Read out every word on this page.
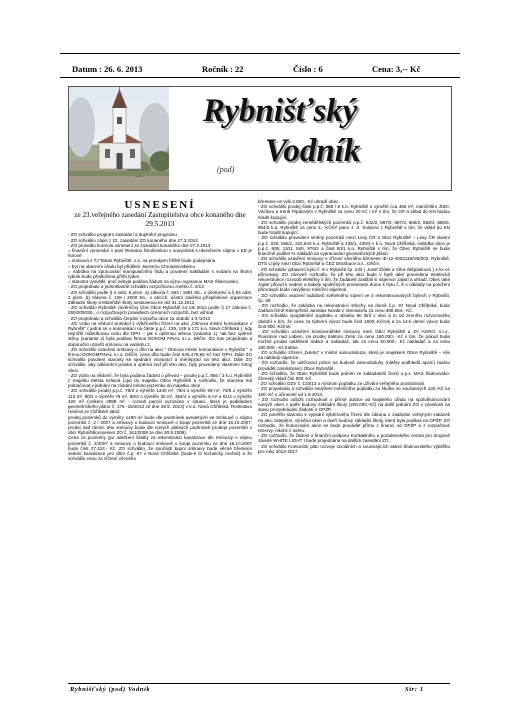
Datum : 26. 6. 2013	Ročník : 22	Číslo : 6	Cena: 3,-- Kč
Rybnišťský
Vodník
(pod)
USNESENÍ
ze 23.veřejného zasedání Zastupitelstva obce konaného dne 29.5.2013

- ZO schválilo program zasedání a doplnění programu

- ZO schválilo zápis z 22. zasedání ZO konaného dne 27.3.2013

- ZO provedlo kontrolu usnesení ze zasedání konaného dne 27.3.2013

= finanční vyrovnání s paní Renatou Štrubinskou v souvislosti s ukončením nájmu v KD je hotové

= smlouva s TJ Tatran Rybniště, o.s. na pronájem hřiště bude podepsána

= byt na obecním úřadu byl přidělen Jaromíru Chroustovskému

= nabídka na zpracování manipulačního řádu a povolení nakládání s vodami na školní rybník bude předložena příští týden

= starosta vysvětlil, proč nebyla podána žádost na výzvu vypsanou MAS Šluknovsko

- ZO projednalo a jednohlasně schválilo rozpočtovou změnu č. 2/13

- ZO schválilo podle § 4 odst. 8 písm. a) zákona č. 563 / 1991 Sb., o účetnictví a § 84 odst. 2 písm. b) zákona č. 128 / 2000 Sb., o obcích, účetní závěrku příspěvkové organizace Základní školy a Mateřské školy sestavenou ke dni 31.12.2012

- ZO schválilo Rybniště závěrečný účet Obce Rybniště za rok 2012 podle § 17 zákona č. 250/2000Sb., o rozpočtových pravidlech územních rozpočtů, bez výhrad

- ZO projednalo a schválilo čerpání rozpočtu obce za období 1-3 /2013

- ZO vzalo na vědomí protokol z výběrového řízení na akci „Obnova místní komunikace v Rybništi" ( jedná se o komunikaci na částe p.p.č. 139, 149 a 171 k.ú. Nová Chřibská ), kdy nejnižší nabídkovou cenu dle DPH – jak s opěrnou stěnou (varianta 1), tak bez opěrné stěny (varianta 2) byla podána firmou DOKOM FINAL s.r.o. Děčín. ZO tuto projednalo a doporučilo uzavřít smlouvu na variantu 2.

- ZO schválilo uzavření smlouvy o dílo na akci " Obnova místní komunikace v Rybništi " s firmou DOKOMFINAL s.r.o. Děčín, cena díla bude činit 625.478,60 Kč bez DPH. Dále ZO schválilo povolení starosty ke sjednání víceprací a méněprací na této akci. Dále ZO schválilo, aby odklonění potoka a opěrná zeď při této akci, byly provedeny vlastními zdroji obce.

- ZO vzalo na vědomí, že byla podána žádost o převod – prodej p.p.č. 856 / 3 k.ú. Rybniště z majetku Města Krásná Lípa do majetku Obce Rybniště a rozhodlo, že starosta má pokračovat v jednání na získání tohoto pozemku do majetku obce

- ZO schválilo prodej p.p.č. 79/3 o výměře 1340 m², 79/4 o výměře 99 m², 79/5 o výměře 113 m², 80/2 o výměře 78 m², 80/3 o výměře 30 m², 354/4 o výměře 8 m² a 81/3 o výměře 420 m² (celkem 2088 m² - rozsah parcel vyznačen v situaci, která je podkladem geometrického plánu č. 176 -16/2013 ze dne 28.5. 2013) v k.ú. Nová Chřibská, Rostislavu Havlovi ze Chřibské takto:

prodej pozemků do výměry 1480 m² bude dle podmínek uvedených ve Smlouvě o nájmu pozemků č. 2 / 2007 a smlouvy o budoucí smlouvě o koupi pozemků ze dne 16.10.2007, prodej nad rámec této smlouvy bude dle nových platných podmínek prodeje pozemků v obci Rybniště(usnesení ZO č. 161/2008 ze dne 30.9.2008).

Cena za pozemky (po odečtení částky za rekonstrukci kanalizace dle Smlouvy o nájmu pozemků č. 2/2007 a smlouvy o budoucí smlouvě o koupi pozemku ze dne 16.10.2007 bude činit 27.424,- Kč. ZO schválilo, že součástí kupní smlouvy bude věcné břemeno vedení kanalizace pro dům č.p. 97 v Nové Chřibské (bude-li to technicky možné) a že schválilo cenu za zřízení věcného

břemene ve výši 2.800,- Kč uhradí obec.

- ZO schválilo prodej části p.p.č. 359 / 6 k.ú. Rybniště o výměře cca 465 m², manželům JUDr. Václavu a Ireně Pipalovým z Rybniště za cenu 20 Kč / m² s tím, že GP a vklad do KN budou hradit kupující.

- ZO schválilo prodej zemědělských pozemků p.p.č. 842/2, 887/2, 887/3, 856/2, 856/4, 856/5, 854/2 k.ú. Rybniště za cenu 4,- Kč/m² panu J. S. Solarovi z Rybniště s tím, že vklad do KN bude hradit kupující.

- ZO schválilo provedení směny pozemků mezi Lesy ČR a Obcí Rybniště – Lesy ČR vlastní p.p.č. 226, 656/1, 222,943 k.ú. Rybniště a 436/1, 435/3 v k.ú. Nová Chřibská, nabídka obce je p.p.č. 939, 1101, 840, 976/2 a část 50/1 k.ú. Rybniště s tím, že Obec Rybniště se bude finančně podílet % nákladů na vypracování geometrických plánů.

- ZO schválilo uzavření smlouvy o zřízení věcného břemene IE-12-4003118/VB/002, Rybniště, DTS U pily mezi Obcí Rybniště a ČEZ Distribuce a.s., Děčín.

- ZO schválilo vybavení bytu č. 8 v Rybništi čp. 233 ( Josef Žídek a Věra Štěpánková ) 4 ks el. přímotopy. ZO zároveň rozhodlo, že při této akci bude v bytě také provedena elektrická rekonstrukce rozvodů elektřiny s tím, že žadatelé zaslíbili si nájemce zajistí a uhradí. Obec také zajistí přívod k vedení a kabely společných prostorami domu k bytu č. 8 s náklady na položení přímotopů bude navýšeno měsíční nájemné.

- ZO schválilo osazení radiátorů světelného topení ve 2 rekonstruovaných bytech v Rybništi, čp. 59

- ZO rozhodlo, že zakázka na rekonstrukci střechy na domě č.p. 97 Nová Chřibská, bude zadána firmě Klempířství Jaroslav Novák z Varnsdorfu za cenu 308.564,- Kč.

- ZO schválilo zpoplatnění poplatku o obsahu 80 litrů v obci a to od zimního rozvozového období s tím, že cena za týdenní vývoz bude činit 1600,-Kč/rok a za 14-ti denní vývoz bude činit 900,-Kč/rok

- ZO schválilo uzavření komisionářské smlouvy mezi Obcí Rybniště a ZV AGRO, s.r.o., Rousínov nad Labem, na prodej traktoru Zetor za cenu 160.000,- Kč s tím, že pokud bude možné prodat odděleně traktor a nakladač, tak za cenu 60.000,- Kč nakladač a za cenu 100.000,- Kč traktor.

- ZO schválilo zřízení „butetu" v místní samoobsluze, která je majetkem Obce Rybniště – vše na náklady nájemce.

- ZO rozhodlo, že udržovací práce na budově samoobsluhy (nátěry podhledů apod.) budou provádět zaměstnanci Obce Rybniště.

- ZO schválilo, že Obec Rybniště bude jedním ze zakladatelů členů o.p.s. MAS Šluknovsko. Členský vklad činí 500,-Kč.

- ZO schválilo OZV č. 1/2013 o místním poplatku ze užívání veřejného prostranství.

- ZO projednalo a schválilo navýšení měsíčního poplatku za školku ze současných 130,-Kč na 160,-Kč s účinností od 1.9.2013.

- ZO rozhodlo odložit rozhodnutí o přímé dotace od krajského úřadu na spolufinancování nových oken v patře budovy základní školy (200.000,-Kč) na další jednání ZO v závislosti na stavu prozednávání žádostí o OPŽP.

- ZO pověřilo starostu k vypsání výběrového řízení dle zákona o zadávání veřejných zakázek na akci zateplení, výměna oken a dveří budovy základní školy, která byla podána na OPŽP. ZO rozhodlo, že financování akce se bude provádět přímo z financí od OPŽP a z rozpočtové rezervy, nikoliv z úvěru.

- ZO rozhodlo, že žádost o finanční podporu Kontaktního a poradenského centra pro drogově závislé WHITE LIGHT I bude projednána na dalším zasedání ZO.

- ZO schválilo Komunitní plán rozvoje sociálních a souvisejících aktivit Šluknovského výběžku pro roky 2013-2017.

Rybnišťský (pod) Vodník	Str: 1
